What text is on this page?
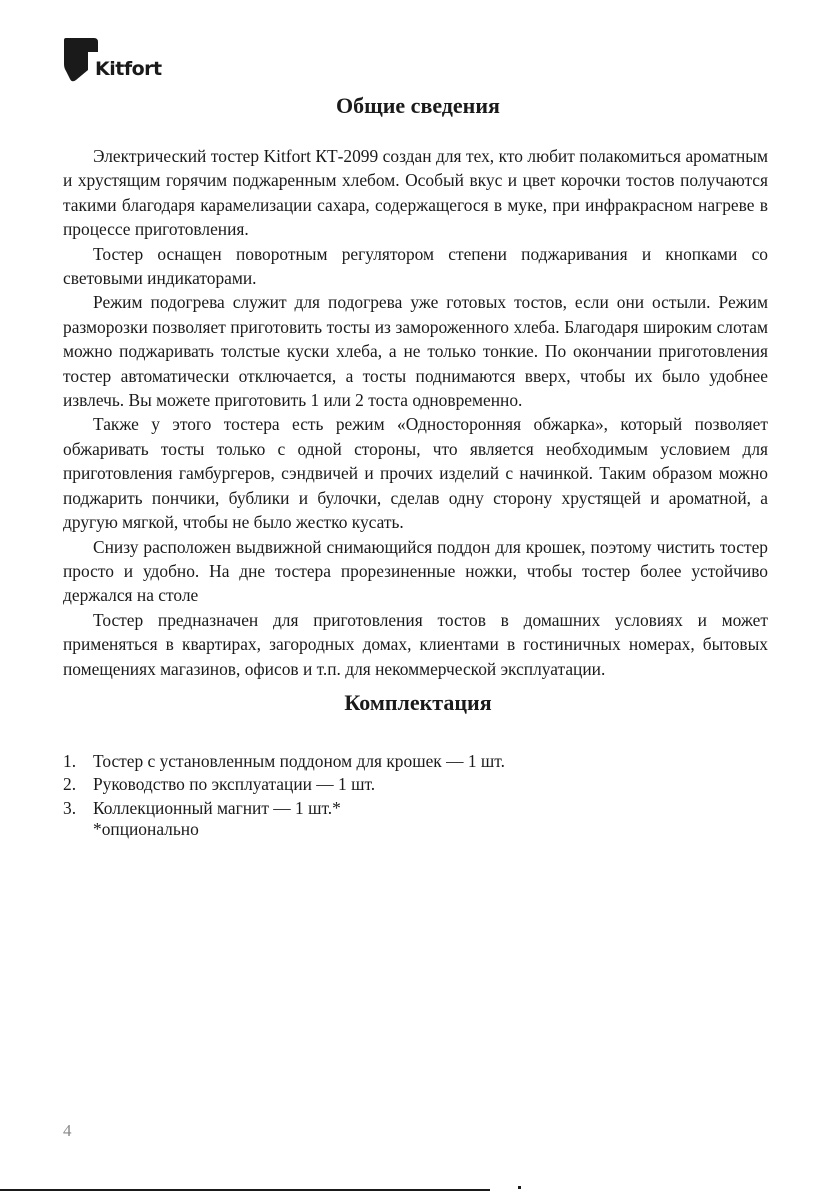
Kitfort
Общие сведения

Электрический тостер Kitfort КТ-2099 создан для тех, кто любит полакомиться ароматным и хрустящим горячим поджаренным хлебом. Особый вкус и цвет корочки тостов получаются такими благодаря карамелизации сахара, содержащегося в муке, при инфракрасном нагреве в процессе приготовления.

Тостер оснащен поворотным регулятором степени поджаривания и кнопками со световыми индикаторами.

Режим подогрева служит для подогрева уже готовых тостов, если они остыли. Режим разморозки позволяет приготовить тосты из замороженного хлеба. Благодаря широким слотам можно поджаривать толстые куски хлеба, а не только тонкие. По окончании приготовления тостер автоматически отключается, а тосты поднимаются вверх, чтобы их было удобнее извлечь. Вы можете приготовить 1 или 2 тоста одновременно.

Также у этого тостера есть режим «Односторонняя обжарка», который позволяет обжаривать тосты только с одной стороны, что является необходимым условием для приготовления гамбургеров, сэндвичей и прочих изделий с начинкой. Таким образом можно поджарить пончики, бублики и булочки, сделав одну сторону хрустящей и ароматной, а другую мягкой, чтобы не было жестко кусать.

Снизу расположен выдвижной снимающийся поддон для крошек, поэтому чистить тостер просто и удобно. На дне тостера прорезиненные ножки, чтобы тостер более устойчиво держался на столе

Тостер предназначен для приготовления тостов в домашних условиях и может применяться в квартирах, загородных домах, клиентами в гостиничных номерах, бытовых помещениях магазинов, офисов и т.п. для некоммерческой эксплуатации.

Комплектация
1. Тостер с установленным поддоном для крошек — 1 шт.
2. Руководство по эксплуатации — 1 шт.
3. Коллекционный магнит — 1 шт.*
*опционально
4
